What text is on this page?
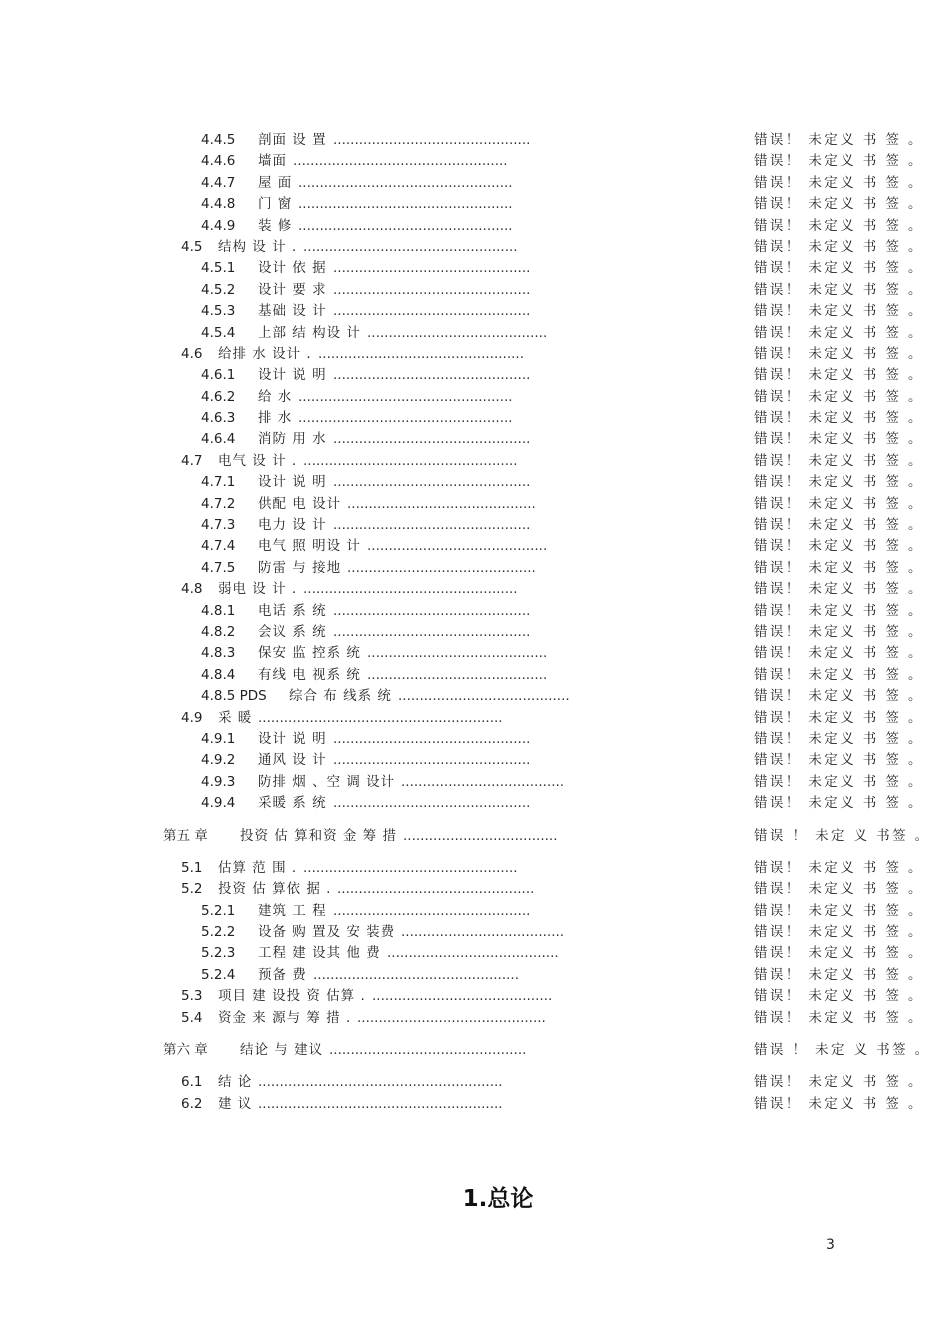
4.4.5 剖面 设 置 ..............................................	错误！ 未定义 书 签 。
4.4.6 墙面 ..................................................	错误！ 未定义 书 签 。
4.4.7 屋 面 ..................................................	错误！ 未定义 书 签 。
4.4.8 门 窗 ..................................................	错误！ 未定义 书 签 。
4.4.9 装 修 ..................................................	错误！ 未定义 书 签 。
4.5 结构 设 计 . ..................................................	错误！ 未定义 书 签 。
4.5.1 设计 依 据 ..............................................	错误！ 未定义 书 签 。
4.5.2 设计 要 求 ..............................................	错误！ 未定义 书 签 。
4.5.3 基础 设 计 ..............................................	错误！ 未定义 书 签 。
4.5.4 上部 结 构设 计 ..........................................	错误！ 未定义 书 签 。
4.6 给排 水 设计 . ................................................	错误！ 未定义 书 签 。
4.6.1 设计 说 明 ..............................................	错误！ 未定义 书 签 。
4.6.2 给 水 ..................................................	错误！ 未定义 书 签 。
4.6.3 排 水 ..................................................	错误！ 未定义 书 签 。
4.6.4 消防 用 水 ..............................................	错误！ 未定义 书 签 。
4.7 电气 设 计 . ..................................................	错误！ 未定义 书 签 。
4.7.1 设计 说 明 ..............................................	错误！ 未定义 书 签 。
4.7.2 供配 电 设计 ............................................	错误！ 未定义 书 签 。
4.7.3 电力 设 计 ..............................................	错误！ 未定义 书 签 。
4.7.4 电气 照 明设 计 ..........................................	错误！ 未定义 书 签 。
4.7.5 防雷 与 接地 ............................................	错误！ 未定义 书 签 。
4.8 弱电 设 计 . ..................................................	错误！ 未定义 书 签 。
4.8.1 电话 系 统 ..............................................	错误！ 未定义 书 签 。
4.8.2 会议 系 统 ..............................................	错误！ 未定义 书 签 。
4.8.3 保安 监 控系 统 ..........................................	错误！ 未定义 书 签 。
4.8.4 有线 电 视系 统 ..........................................	错误！ 未定义 书 签 。
4.8.5 PDS 综合 布 线系 统 ........................................	错误！ 未定义 书 签 。
4.9 采 暖 .........................................................	错误！ 未定义 书 签 。
4.9.1 设计 说 明 ..............................................	错误！ 未定义 书 签 。
4.9.2 通风 设 计 ..............................................	错误！ 未定义 书 签 。
4.9.3 防排 烟 、空 调 设计 ......................................	错误！ 未定义 书 签 。
4.9.4 采暖 系 统 ..............................................	错误！ 未定义 书 签 。
第五 章 投资 估 算和资 金 筹 措 ....................................	错误 ！ 未定 义 书签 。
5.1 估算 范 围 . ..................................................	错误！ 未定义 书 签 。
5.2 投资 估 算依 据 . ..............................................	错误！ 未定义 书 签 。
5.2.1 建筑 工 程 ..............................................	错误！ 未定义 书 签 。
5.2.2 设备 购 置及 安 装费 ......................................	错误！ 未定义 书 签 。
5.2.3 工程 建 设其 他 费 ........................................	错误！ 未定义 书 签 。
5.2.4 预备 费 ................................................	错误！ 未定义 书 签 。
5.3 项目 建 设投 资 估算 . ..........................................	错误！ 未定义 书 签 。
5.4 资金 来 源与 筹 措 . ............................................	错误！ 未定义 书 签 。
第六 章 结论 与 建议 ..............................................	错误 ！ 未定 义 书签 。
6.1 结 论 .........................................................	错误！ 未定义 书 签 。
6.2 建 议 .........................................................	错误！ 未定义 书 签 。
1.总论
3
